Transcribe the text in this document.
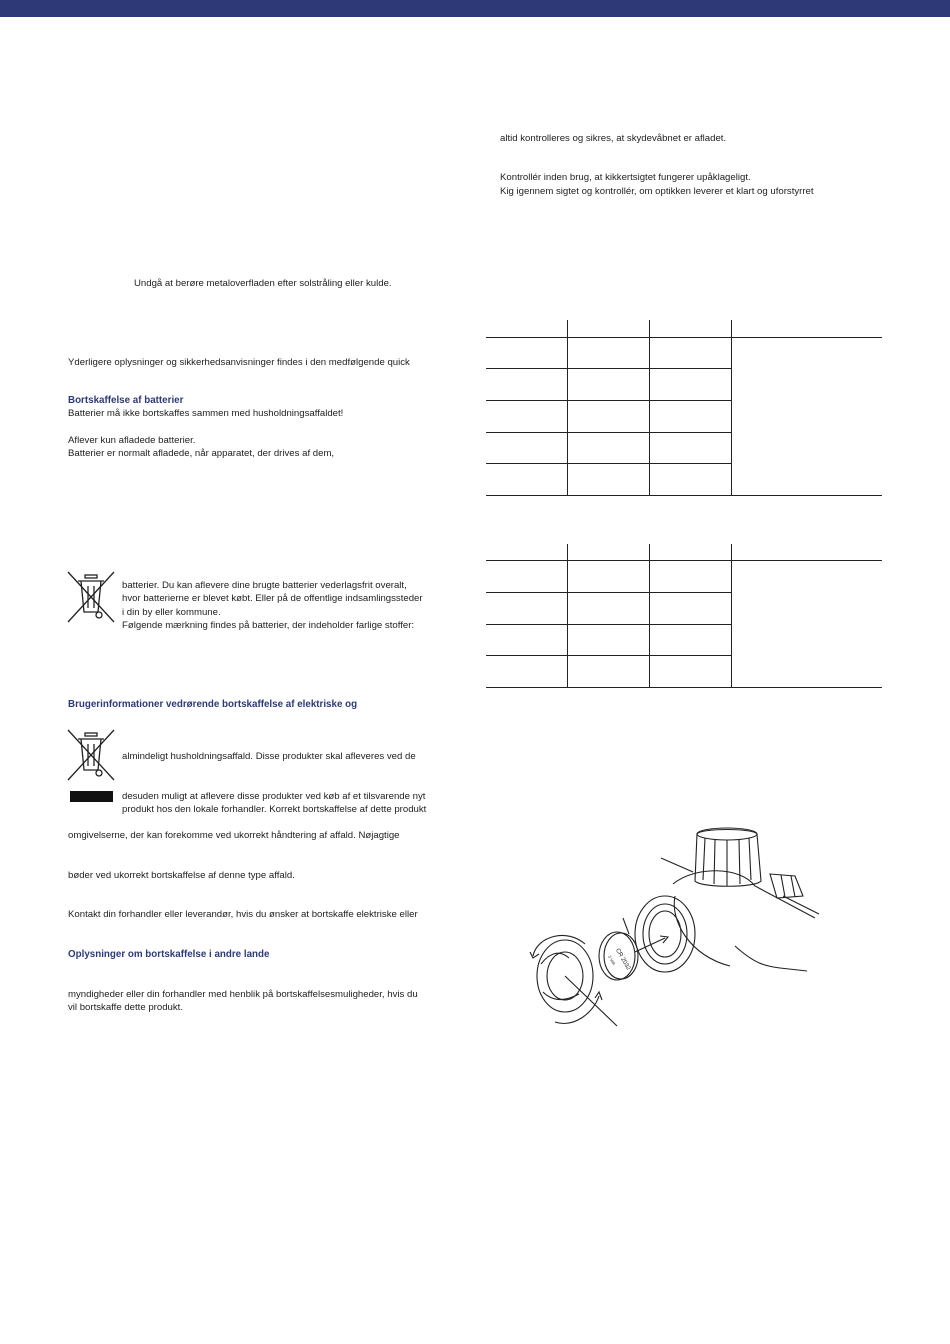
altid kontrolleres og sikres, at skydevåbnet er afladet.
Kontrollér inden brug, at kikkertsigtet fungerer upåklageligt.
Kig igennem sigtet og kontrollér, om optikken leverer et klart og uforstyrret
Undgå at berøre metaloverfladen efter solstråling eller kulde.
Yderligere oplysninger og sikkerhedsanvisninger findes i den medfølgende quick
Bortskaffelse af batterier
Batterier må ikke bortskaffes sammen med husholdningsaffaldet!
Aflever kun afladede batterier.
Batterier er normalt afladede, når apparatet, der drives af dem,
batterier. Du kan aflevere dine brugte batterier vederlagsfrit overalt,
hvor batterierne er blevet købt. Eller på de offentlige indsamlingssteder
i din by eller kommune.
Følgende mærkning findes på batterier, der indeholder farlige stoffer:
Brugerinformationer vedrørende bortskaffelse af elektriske og
almindeligt husholdningsaffald. Disse produkter skal afleveres ved de
desuden muligt at aflevere disse produkter ved køb af et tilsvarende nyt
produkt hos den lokale forhandler. Korrekt bortskaffelse af dette produkt
omgivelserne, der kan forekomme ved ukorrekt håndtering af affald. Nøjagtige
bøder ved ukorrekt bortskaffelse af denne type affald.
Kontakt din forhandler eller leverandør, hvis du ønsker at bortskaffe elektriske eller
Oplysninger om bortskaffelse i andre lande
myndigheder eller din forhandler med henblik på bortskaffelsesmuligheder, hvis du
vil bortskaffe dette produkt.

CR 2032
3 Volt
